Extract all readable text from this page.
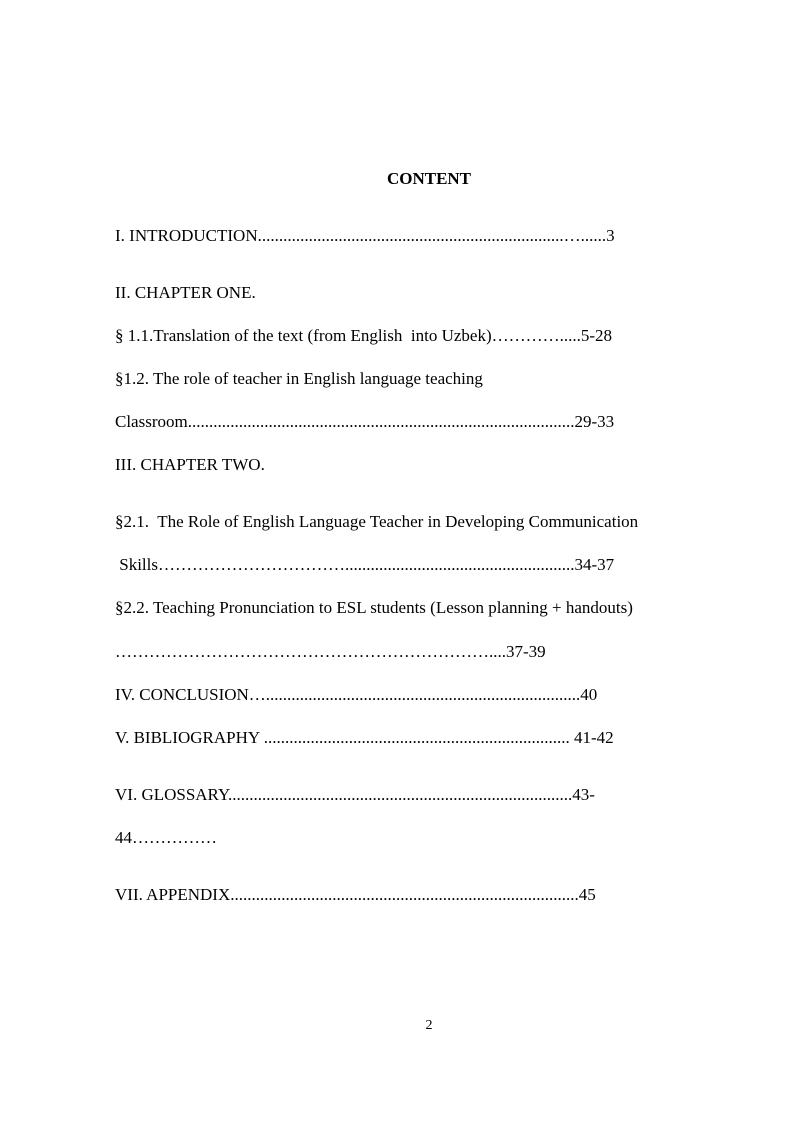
CONTENT

I. INTRODUCTION........................................................................…......3

II. CHAPTER ONE.

§ 1.1.Translation of the text (from English  into Uzbek)………….....5-28

§1.2. The role of teacher in English language teaching

Classroom...........................................................................................29-33

III. CHAPTER TWO.

§2.1.  The Role of English Language Teacher in Developing Communication

Skills……………………………......................................................34-37

§2.2. Teaching Pronunciation to ESL students (Lesson planning + handouts)

…………………………………………………………....37-39

IV. CONCLUSION…..........................................................................40

V. BIBLIOGRAPHY ........................................................................ 41-42

VI. GLOSSARY.................................................................................43-

44……………

VII. APPENDIX..................................................................................45

2
